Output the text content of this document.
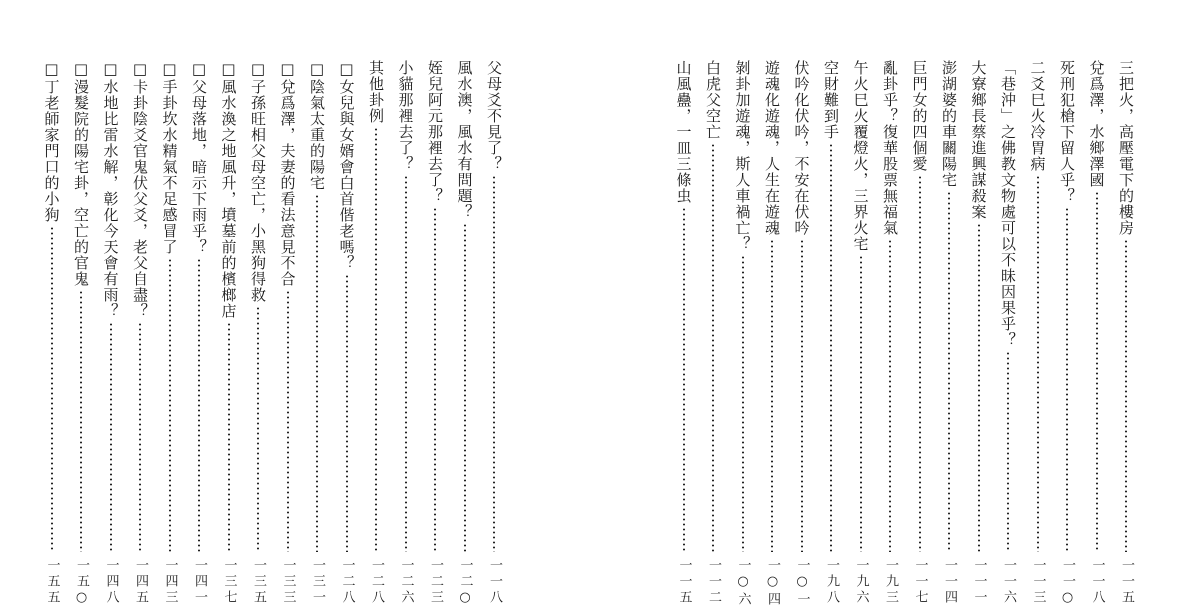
三把火，高壓電下的樓房
一一五
兌爲澤，水鄉澤國
一一八
死刑犯槍下留人乎？
一一○
二爻巳火冷胃病
一一三
「巷沖」之佛教文物處可以不昧因果乎？
一一六
大寮鄉長蔡進興謀殺案
一一一
澎湖婆的車關陽宅
一一四
巨門女的四個愛
一一七
亂卦乎？復華股票無福氣
一九三
午火巳火覆燈火，三界火宅
一九六
空財難到手
一九八
伏吟化伏吟，不安在伏吟
一○一
遊魂化遊魂，人生在遊魂
一○四
剝卦加遊魂，斯人車禍亡？
一○六
白虎父空亡
一一二
山風蠱，一皿三條虫
一一五
父母爻不見了？
一一八
風水澳，風水有問題？
一二○
姪兒阿元那裡去了？
一二三
小貓那裡去了？
一二六
其他卦例
一二八
□女兒與女婿會白首偕老嗎？
一二八
□陰氣太重的陽宅
一三一
□兌爲澤，夫妻的看法意見不合
一三三
□子孫旺相父母空亡，小黑狗得救
一三五
□風水渙之地風升，墳墓前的檳榔店
一三七
□父母落地，暗示下雨乎？
一四一
□手卦坎水精氣不足感冒了
一四三
□卡卦陰爻官鬼伏父爻，老父自盡？
一四五
□水地比雷水解，彰化今天會有雨？
一四八
□漫髮院的陽宅卦，空亡的官鬼
一五○
□丁老師家門口的小狗
一五五
